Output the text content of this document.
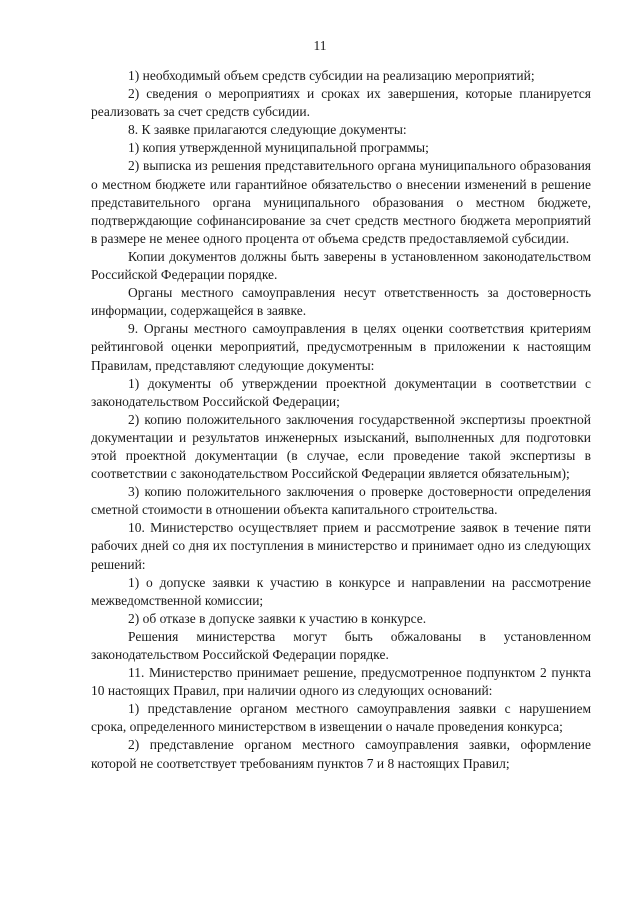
11

1) необходимый объем средств субсидии на реализацию мероприятий;

2) сведения о мероприятиях и сроках их завершения, которые планируется реализовать за счет средств субсидии.

8. К заявке прилагаются следующие документы:

1) копия утвержденной муниципальной программы;

2) выписка из решения представительного органа муниципального образования о местном бюджете или гарантийное обязательство о внесении изменений в решение представительного органа муниципального образования о местном бюджете, подтверждающие софинансирование за счет средств местного бюджета мероприятий в размере не менее одного процента от объема средств предоставляемой субсидии.

Копии документов должны быть заверены в установленном законодательством Российской Федерации порядке.

Органы местного самоуправления несут ответственность за достоверность информации, содержащейся в заявке.

9. Органы местного самоуправления в целях оценки соответствия критериям рейтинговой оценки мероприятий, предусмотренным в приложении к настоящим Правилам, представляют следующие документы:

1) документы об утверждении проектной документации в соответствии с законодательством Российской Федерации;

2) копию положительного заключения государственной экспертизы проектной документации и результатов инженерных изысканий, выполненных для подготовки этой проектной документации (в случае, если проведение такой экспертизы в соответствии с законодательством Российской Федерации является обязательным);

3) копию положительного заключения о проверке достоверности определения сметной стоимости в отношении объекта капитального строительства.

10. Министерство осуществляет прием и рассмотрение заявок в течение пяти рабочих дней со дня их поступления в министерство и принимает одно из следующих решений:

1) о допуске заявки к участию в конкурсе и направлении на рассмотрение межведомственной комиссии;

2) об отказе в допуске заявки к участию в конкурсе.

Решения министерства могут быть обжалованы в установленном законодательством Российской Федерации порядке.

11. Министерство принимает решение, предусмотренное подпунктом 2 пункта 10 настоящих Правил, при наличии одного из следующих оснований:

1) представление органом местного самоуправления заявки с нарушением срока, определенного министерством в извещении о начале проведения конкурса;

2) представление органом местного самоуправления заявки, оформление которой не соответствует требованиям пунктов 7 и 8 настоящих Правил;
